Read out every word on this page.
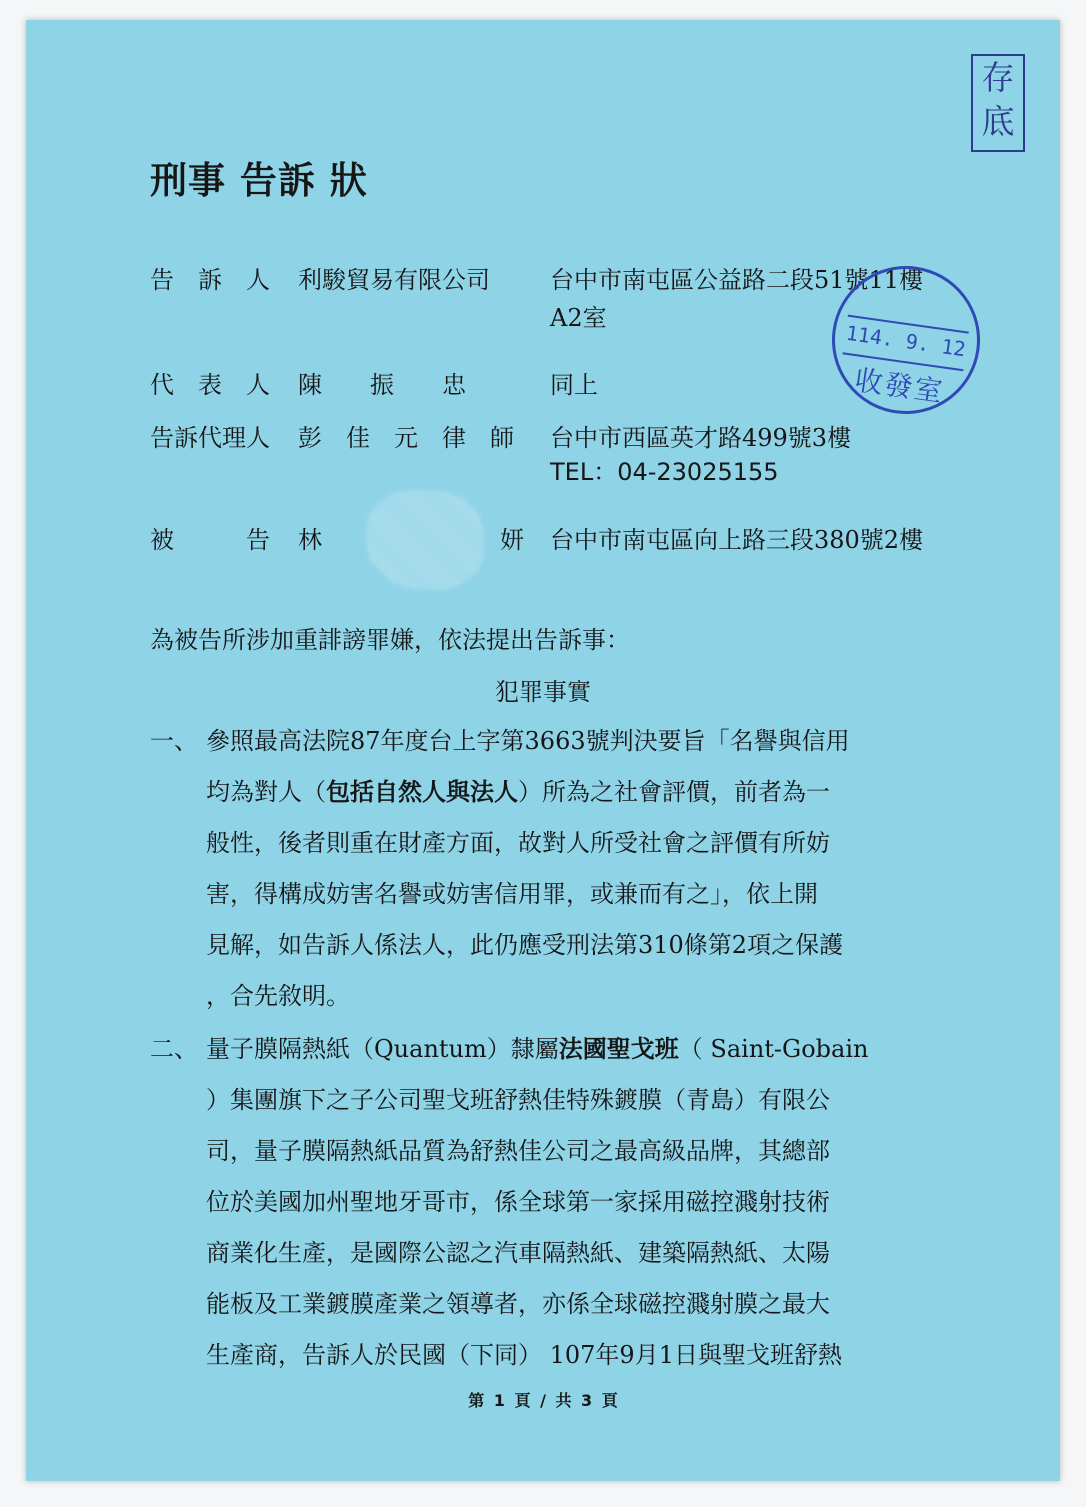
存
底
刑事 告訴 狀
告　訴　人 利駿貿易有限公司	台中市南屯區公益路二段51號11樓
A2室
代　表　人 陳　　振　　忠	同上
告訴代理人 彭　佳　元　律　師 台中市西區英才路499號3樓
TEL：04-23025155
被　　　告 林	妍 台中市南屯區向上路三段380號2樓
114. 9. 12
收發室
為被告所涉加重誹謗罪嫌，依法提出告訴事：
犯罪事實
一、 參照最高法院87年度台上字第3663號判決要旨「名譽與信用
均為對人（包括自然人與法人）所為之社會評價，前者為一
般性，後者則重在財產方面，故對人所受社會之評價有所妨
害，得構成妨害名譽或妨害信用罪，或兼而有之」，依上開
見解，如告訴人係法人，此仍應受刑法第310條第2項之保護
，合先敘明。
二、 量子膜隔熱紙（Quantum）隸屬法國聖戈班（ Saint-Gobain
）集團旗下之子公司聖戈班舒熱佳特殊鍍膜（青島）有限公
司，量子膜隔熱紙品質為舒熱佳公司之最高級品牌，其總部
位於美國加州聖地牙哥市，係全球第一家採用磁控濺射技術
商業化生產，是國際公認之汽車隔熱紙、建築隔熱紙、太陽
能板及工業鍍膜產業之領導者，亦係全球磁控濺射膜之最大
生產商，告訴人於民國（下同） 107年9月1日與聖戈班舒熱
第 1 頁 / 共 3 頁
